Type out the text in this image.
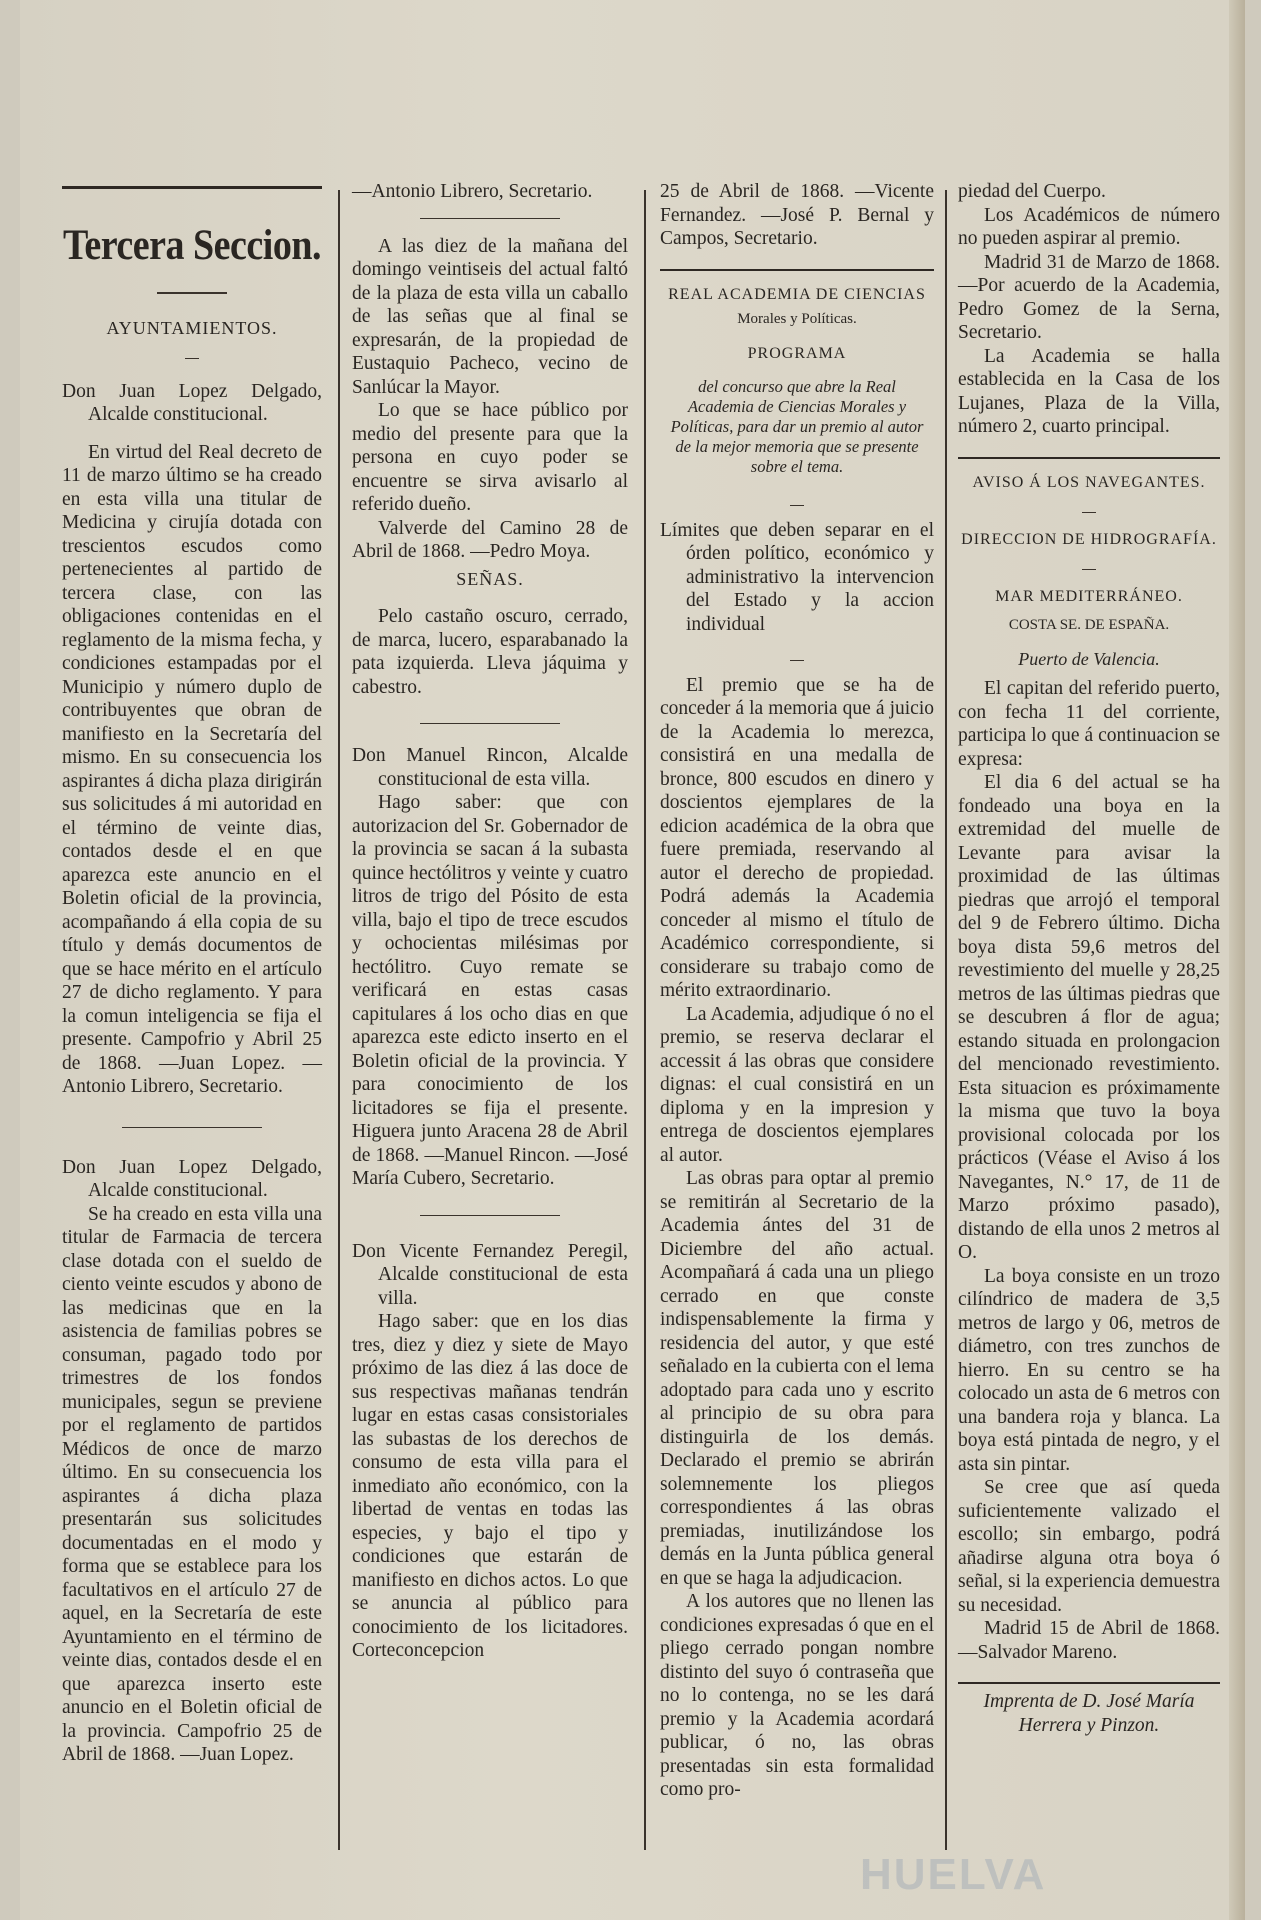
Tercera Seccion.
AYUNTAMIENTOS.

Don Juan Lopez Delgado, Alcalde constitucional.

En virtud del Real decreto de 11 de marzo último se ha creado en esta villa una titular de Medicina y cirujía dotada con trescientos escudos como pertenecientes al partido de tercera clase, con las obligaciones contenidas en el reglamento de la misma fecha, y condiciones estampadas por el Municipio y número duplo de contribuyentes que obran de manifiesto en la Secretaría del mismo. En su consecuencia los aspirantes á dicha plaza dirigirán sus solicitudes á mi autoridad en el término de veinte dias, contados desde el en que aparezca este anuncio en el Boletin oficial de la provincia, acompañando á ella copia de su título y demás documentos de que se hace mérito en el artículo 27 de dicho reglamento. Y para la comun inteligencia se fija el presente. Campofrio y Abril 25 de 1868. —Juan Lopez. —Antonio Librero, Secretario.

Don Juan Lopez Delgado, Alcalde constitucional.

Se ha creado en esta villa una titular de Farmacia de tercera clase dotada con el sueldo de ciento veinte escudos y abono de las medicinas que en la asistencia de familias pobres se consuman, pagado todo por trimestres de los fondos municipales, segun se previene por el reglamento de partidos Médicos de once de marzo último. En su consecuencia los aspirantes á dicha plaza presentarán sus solicitudes documentadas en el modo y forma que se establece para los facultativos en el artículo 27 de aquel, en la Secretaría de este Ayuntamiento en el término de veinte dias, contados desde el en que aparezca inserto este anuncio en el Boletin oficial de la provincia. Campofrio 25 de Abril de 1868. —Juan Lopez.

—Antonio Librero, Secretario.

A las diez de la mañana del domingo veintiseis del actual faltó de la plaza de esta villa un caballo de las señas que al final se expresarán, de la propiedad de Eustaquio Pacheco, vecino de Sanlúcar la Mayor.

Lo que se hace público por medio del presente para que la persona en cuyo poder se encuentre se sirva avisarlo al referido dueño.

Valverde del Camino 28 de Abril de 1868. —Pedro Moya.

SEÑAS.

Pelo castaño oscuro, cerrado, de marca, lucero, esparabanado la pata izquierda. Lleva jáquima y cabestro.

Don Manuel Rincon, Alcalde constitucional de esta villa.

Hago saber: que con autorizacion del Sr. Gobernador de la provincia se sacan á la subasta quince hectólitros y veinte y cuatro litros de trigo del Pósito de esta villa, bajo el tipo de trece escudos y ochocientas milésimas por hectólitro. Cuyo remate se verificará en estas casas capitulares á los ocho dias en que aparezca este edicto inserto en el Boletin oficial de la provincia. Y para conocimiento de los licitadores se fija el presente. Higuera junto Aracena 28 de Abril de 1868. —Manuel Rincon. —José María Cubero, Secretario.

Don Vicente Fernandez Peregil, Alcalde constitucional de esta villa.

Hago saber: que en los dias tres, diez y diez y siete de Mayo próximo de las diez á las doce de sus respectivas mañanas tendrán lugar en estas casas consistoriales las subastas de los derechos de consumo de esta villa para el inmediato año económico, con la libertad de ventas en todas las especies, y bajo el tipo y condiciones que estarán de manifiesto en dichos actos. Lo que se anuncia al público para conocimiento de los licitadores. Corteconcepcion

25 de Abril de 1868. —Vicente Fernandez. —José P. Bernal y Campos, Secretario.

REAL ACADEMIA DE CIENCIAS
Morales y Políticas.
PROGRAMA

del concurso que abre la Real Academia de Ciencias Morales y Políticas, para dar un premio al autor de la mejor memoria que se presente sobre el tema.

Límites que deben separar en el órden político, económico y administrativo la intervencion del Estado y la accion individual

El premio que se ha de conceder á la memoria que á juicio de la Academia lo merezca, consistirá en una medalla de bronce, 800 escudos en dinero y doscientos ejemplares de la edicion académica de la obra que fuere premiada, reservando al autor el derecho de propiedad. Podrá además la Academia conceder al mismo el título de Académico correspondiente, si considerare su trabajo como de mérito extraordinario.

La Academia, adjudique ó no el premio, se reserva declarar el accessit á las obras que considere dignas: el cual consistirá en un diploma y en la impresion y entrega de doscientos ejemplares al autor.

Las obras para optar al premio se remitirán al Secretario de la Academia ántes del 31 de Diciembre del año actual. Acompañará á cada una un pliego cerrado en que conste indispensablemente la firma y residencia del autor, y que esté señalado en la cubierta con el lema adoptado para cada uno y escrito al principio de su obra para distinguirla de los demás. Declarado el premio se abrirán solemnemente los pliegos correspondientes á las obras premiadas, inutilizándose los demás en la Junta pública general en que se haga la adjudicacion.

A los autores que no llenen las condiciones expresadas ó que en el pliego cerrado pongan nombre distinto del suyo ó contraseña que no lo contenga, no se les dará premio y la Academia acordará publicar, ó no, las obras presentadas sin esta formalidad como pro-

piedad del Cuerpo.

Los Académicos de número no pueden aspirar al premio.

Madrid 31 de Marzo de 1868. —Por acuerdo de la Academia, Pedro Gomez de la Serna, Secretario.

La Academia se halla establecida en la Casa de los Lujanes, Plaza de la Villa, número 2, cuarto principal.

AVISO Á LOS NAVEGANTES.
DIRECCION DE HIDROGRAFÍA.
MAR MEDITERRÁNEO.
COSTA SE. DE ESPAÑA.
Puerto de Valencia.

El capitan del referido puerto, con fecha 11 del corriente, participa lo que á continuacion se expresa:

El dia 6 del actual se ha fondeado una boya en la extremidad del muelle de Levante para avisar la proximidad de las últimas piedras que arrojó el temporal del 9 de Febrero último. Dicha boya dista 59,6 metros del revestimiento del muelle y 28,25 metros de las últimas piedras que se descubren á flor de agua; estando situada en prolongacion del mencionado revestimiento. Esta situacion es próximamente la misma que tuvo la boya provisional colocada por los prácticos (Véase el Aviso á los Navegantes, N.° 17, de 11 de Marzo próximo pasado), distando de ella unos 2 metros al O.

La boya consiste en un trozo cilíndrico de madera de 3,5 metros de largo y 06, metros de diámetro, con tres zunchos de hierro. En su centro se ha colocado un asta de 6 metros con una bandera roja y blanca. La boya está pintada de negro, y el asta sin pintar.

Se cree que así queda suficientemente valizado el escollo; sin embargo, podrá añadirse alguna otra boya ó señal, si la experiencia demuestra su necesidad.

Madrid 15 de Abril de 1868. —Salvador Mareno.

Imprenta de D. José María Herrera y Pinzon.

HUELVA
